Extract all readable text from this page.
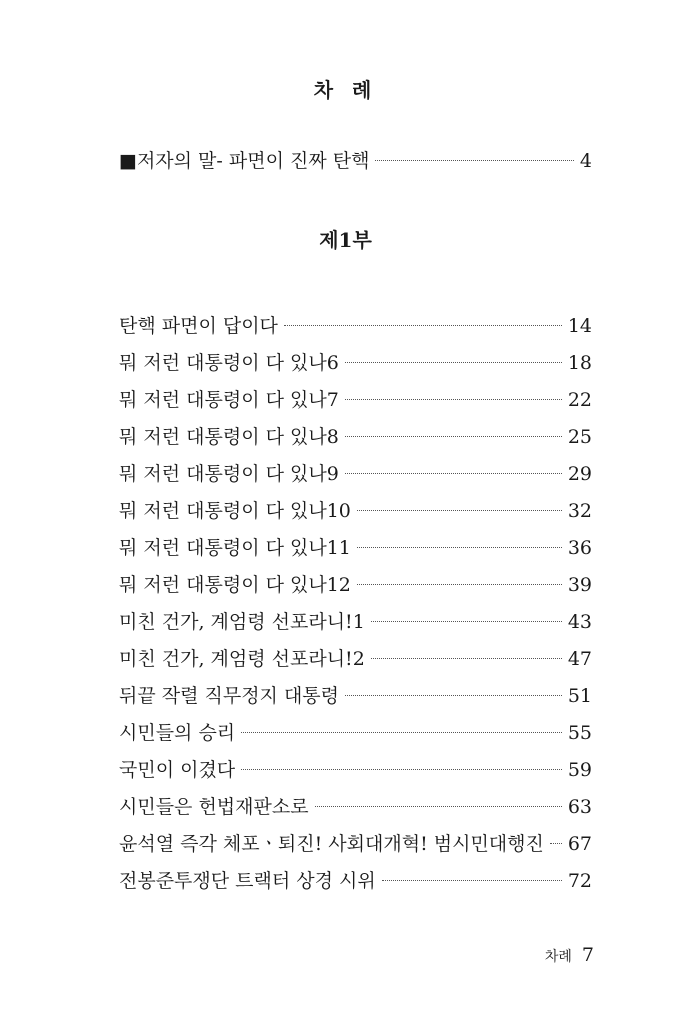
차 례
■저자의 말- 파면이 진짜 탄핵	4
제1부
탄핵 파면이 답이다	14
뭐 저런 대통령이 다 있나6	18
뭐 저런 대통령이 다 있나7	22
뭐 저런 대통령이 다 있나8	25
뭐 저런 대통령이 다 있나9	29
뭐 저런 대통령이 다 있나10	32
뭐 저런 대통령이 다 있나11	36
뭐 저런 대통령이 다 있나12	39
미친 건가, 계엄령 선포라니!1	43
미친 건가, 계엄령 선포라니!2	47
뒤끝 작렬 직무정지 대통령	51
시민들의 승리	55
국민이 이겼다	59
시민들은 헌법재판소로	63
윤석열 즉각 체포ㆍ퇴진! 사회대개혁! 범시민대행진 67
전봉준투쟁단 트랙터 상경 시위	72
차례 7
